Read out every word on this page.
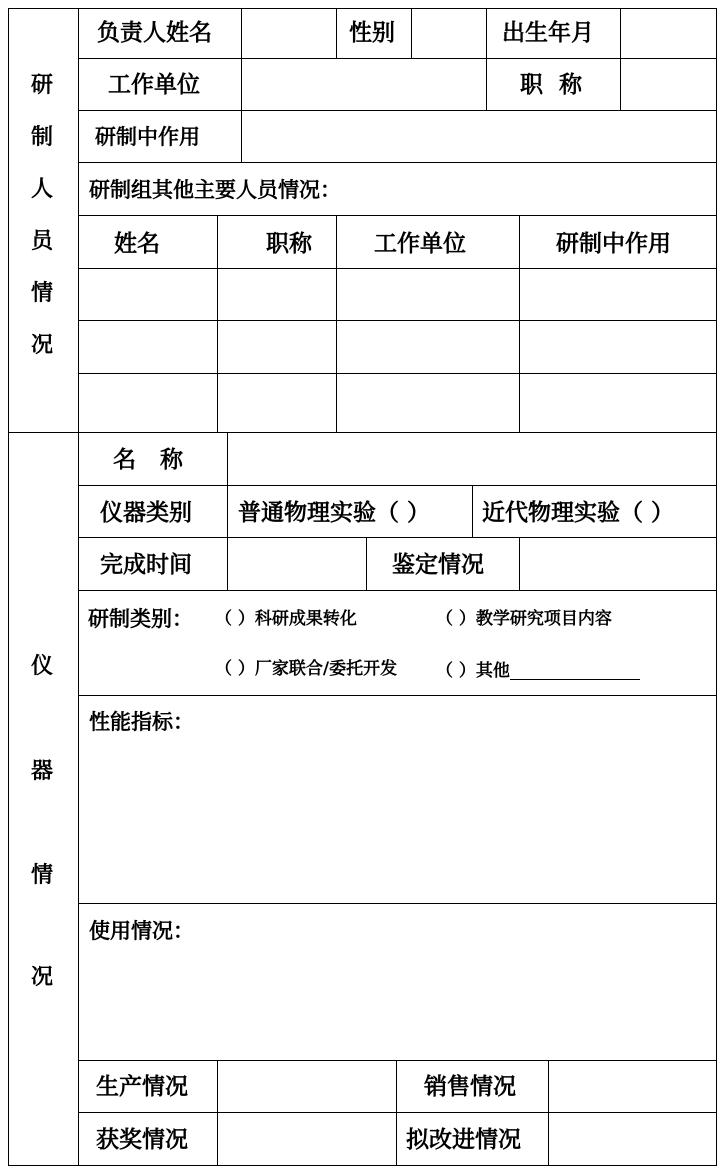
研
制
人
员
情
况
负责人姓名	性别	出生年月
工作单位	职  称
研制中作用
研制组其他主要人员情况：
姓名	职称	工作单位	研制中作用
仪
器
情
况
名   称
仪器类别 普通物理实验（ ） 近代物理实验（ ）
完成时间	鉴定情况
研制类别： （ ）科研成果转化	（ ）教学研究项目内容
（ ）厂家联合/委托开发 （ ）其他
性能指标：
使用情况：
生产情况	销售情况
获奖情况	拟改进情况
